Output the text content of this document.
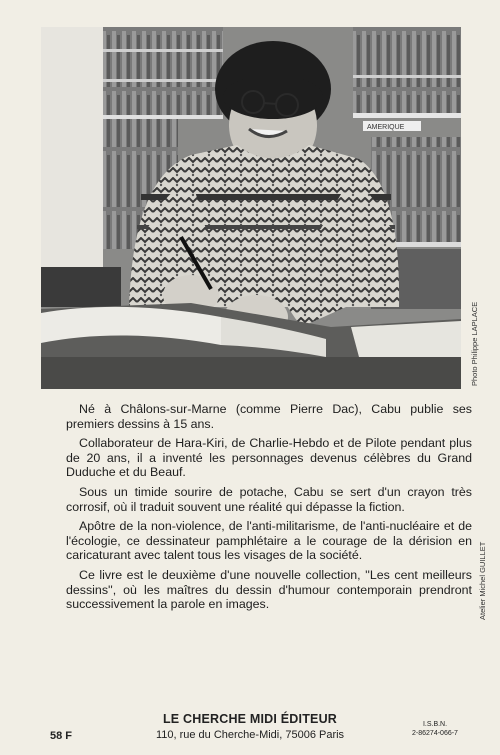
AMERIQUE
Photo Philippe LAPLACE
Atelier Michel GUILLET

Né à Châlons-sur-Marne (comme Pierre Dac), Cabu publie ses premiers dessins à 15 ans.

Collaborateur de Hara-Kiri, de Charlie-Hebdo et de Pilote pendant plus de 20 ans, il a inventé les personnages devenus célèbres du Grand Duduche et du Beauf.

Sous un timide sourire de potache, Cabu se sert d'un crayon très corrosif, où il traduit souvent une réalité qui dépasse la fiction.

Apôtre de la non-violence, de l'anti-militarisme, de l'anti-nucléaire et de l'écologie, ce dessinateur pamphlétaire a le courage de la dérision en caricaturant avec talent tous les visages de la société.

Ce livre est le deuxième d'une nouvelle collection, ''Les cent meilleurs dessins'', où les maîtres du dessin d'humour contemporain prendront successivement la parole en images.

58 F
LE CHERCHE MIDI ÉDITEUR
110, rue du Cherche-Midi, 75006 Paris
I.S.B.N.
2-86274-066-7
